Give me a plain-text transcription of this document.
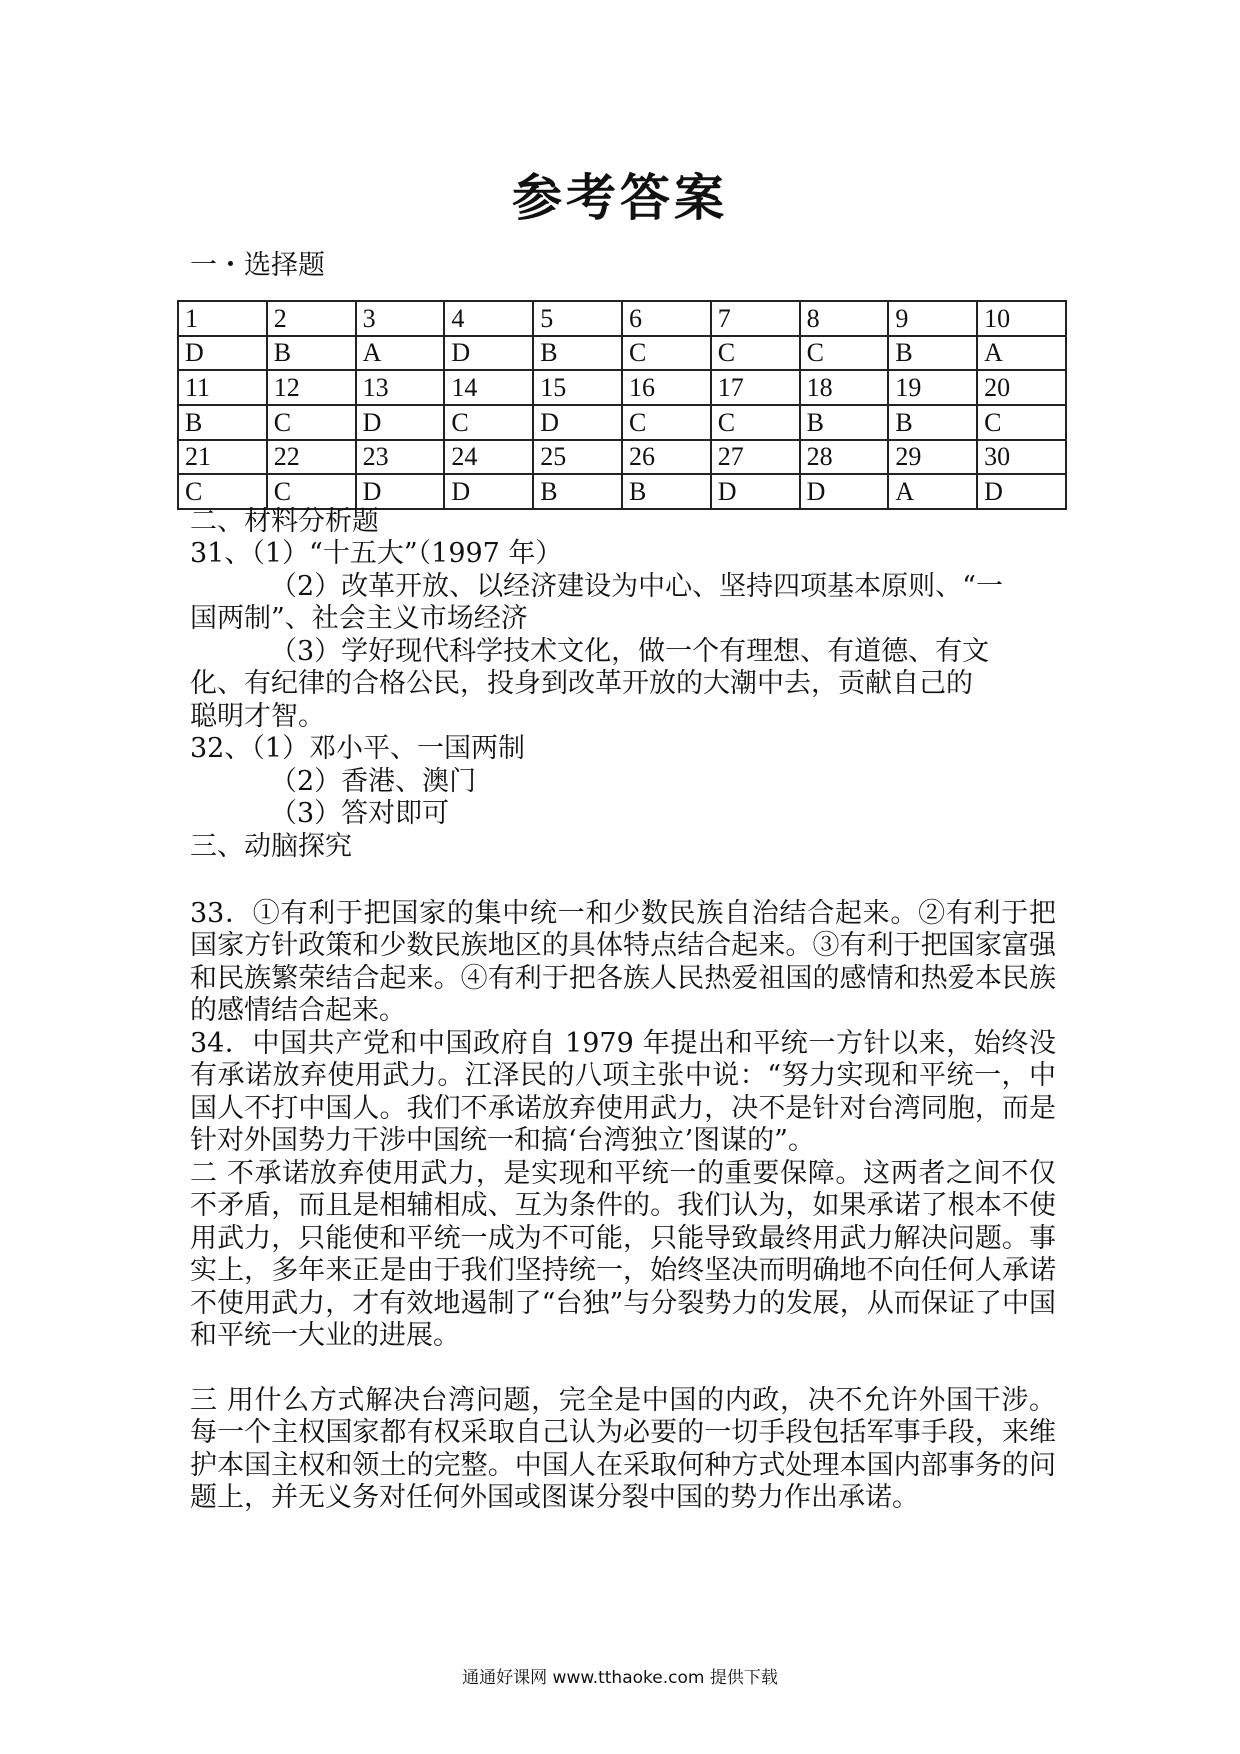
参考答案
一・选择题
1	2	3	4	5	6	7	8	9	10
D	B	A	D	B	C	C	C	B	A
11	12	13	14	15	16	17	18	19	20
B	C	D	C	D	C	C	B	B	C
21	22	23	24	25	26	27	28	29	30
C	C	D	D	B	B	D	D	A	D
二、材料分析题
31、（1）“十五大”（1997 年）
（2）改革开放、以经济建设为中心、坚持四项基本原则、“一
国两制”、社会主义市场经济
（3）学好现代科学技术文化，做一个有理想、有道德、有文
化、有纪律的合格公民，投身到改革开放的大潮中去，贡献自己的
聪明才智。
32、（1）邓小平、一国两制
（2）香港、澳门
（3）答对即可
三、动脑探究

33．①有利于把国家的集中统一和少数民族自治结合起来。②有利于把国家方针政策和少数民族地区的具体特点结合起来。③有利于把国家富强和民族繁荣结合起来。④有利于把各族人民热爱祖国的感情和热爱本民族的感情结合起来。

34．中国共产党和中国政府自 1979 年提出和平统一方针以来，始终没有承诺放弃使用武力。江泽民的八项主张中说：“努力实现和平统一，中国人不打中国人。我们不承诺放弃使用武力，决不是针对台湾同胞，而是针对外国势力干涉中国统一和搞‘台湾独立’图谋的”。

二 不承诺放弃使用武力，是实现和平统一的重要保障。这两者之间不仅不矛盾，而且是相辅相成、互为条件的。我们认为，如果承诺了根本不使用武力，只能使和平统一成为不可能，只能导致最终用武力解决问题。事实上，多年来正是由于我们坚持统一，始终坚决而明确地不向任何人承诺不使用武力，才有效地遏制了“台独”与分裂势力的发展，从而保证了中国和平统一大业的进展。

三 用什么方式解决台湾问题，完全是中国的内政，决不允许外国干涉。每一个主权国家都有权采取自己认为必要的一切手段包括军事手段，来维护本国主权和领土的完整。中国人在采取何种方式处理本国内部事务的问题上，并无义务对任何外国或图谋分裂中国的势力作出承诺。

通通好课网 www.tthaoke.com 提供下载
